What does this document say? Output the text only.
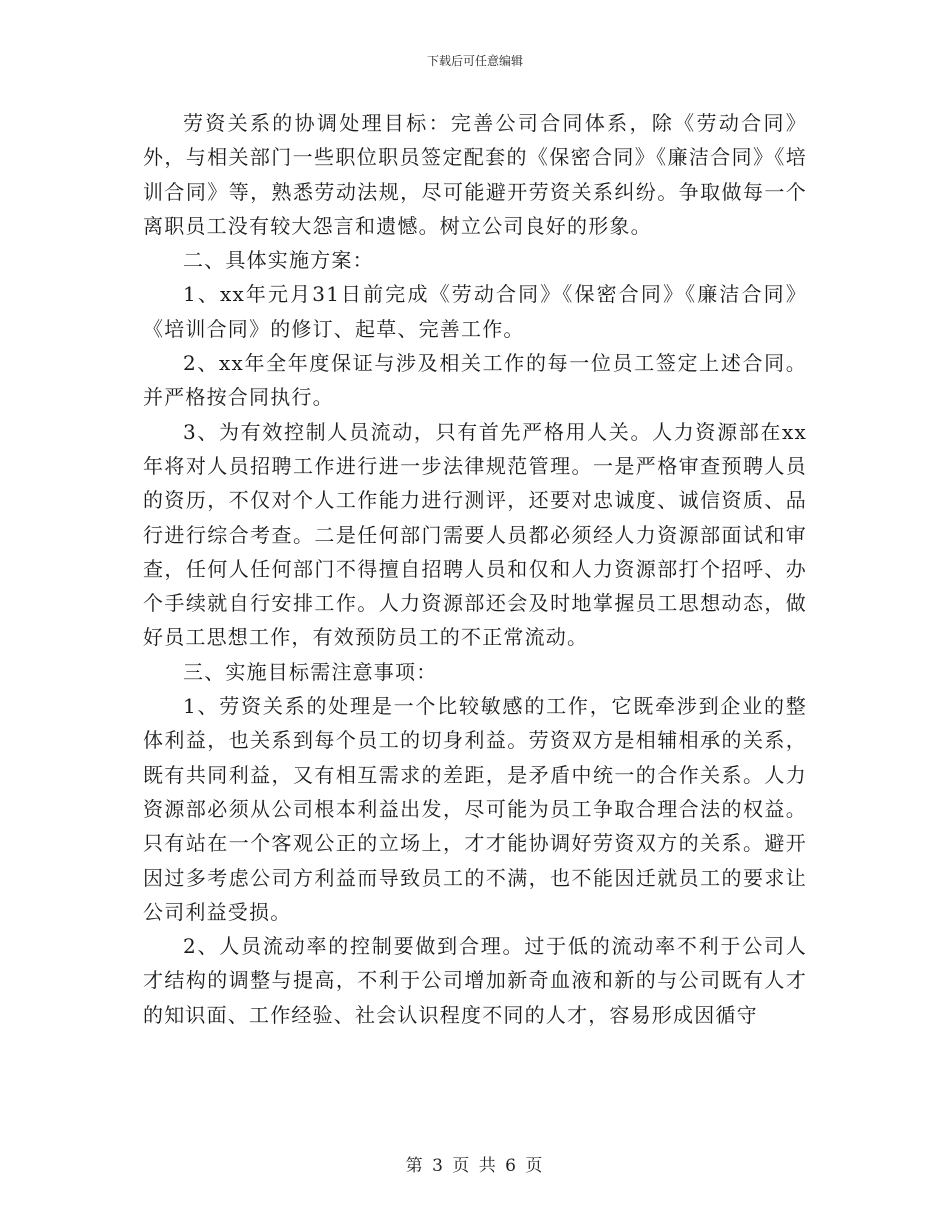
下载后可任意编辑

劳资关系的协调处理目标：完善公司合同体系，除《劳动合同》外，与相关部门一些职位职员签定配套的《保密合同》《廉洁合同》《培训合同》等，熟悉劳动法规，尽可能避开劳资关系纠纷。争取做每一个离职员工没有较大怨言和遗憾。树立公司良好的形象。

二、具体实施方案：

1、xx年元月31日前完成《劳动合同》《保密合同》《廉洁合同》《培训合同》的修订、起草、完善工作。

2、xx年全年度保证与涉及相关工作的每一位员工签定上述合同。并严格按合同执行。

3、为有效控制人员流动，只有首先严格用人关。人力资源部在xx年将对人员招聘工作进行进一步法律规范管理。一是严格审查预聘人员的资历，不仅对个人工作能力进行测评，还要对忠诚度、诚信资质、品行进行综合考查。二是任何部门需要人员都必须经人力资源部面试和审查，任何人任何部门不得擅自招聘人员和仅和人力资源部打个招呼、办个手续就自行安排工作。人力资源部还会及时地掌握员工思想动态，做好员工思想工作，有效预防员工的不正常流动。

三、实施目标需注意事项：

1、劳资关系的处理是一个比较敏感的工作，它既牵涉到企业的整体利益，也关系到每个员工的切身利益。劳资双方是相辅相承的关系，既有共同利益，又有相互需求的差距，是矛盾中统一的合作关系。人力资源部必须从公司根本利益出发，尽可能为员工争取合理合法的权益。只有站在一个客观公正的立场上，才才能协调好劳资双方的关系。避开因过多考虑公司方利益而导致员工的不满，也不能因迁就员工的要求让公司利益受损。

2、人员流动率的控制要做到合理。过于低的流动率不利于公司人才结构的调整与提高，不利于公司增加新奇血液和新的与公司既有人才的知识面、工作经验、社会认识程度不同的人才，容易形成因循守

第 3 页 共 6 页
